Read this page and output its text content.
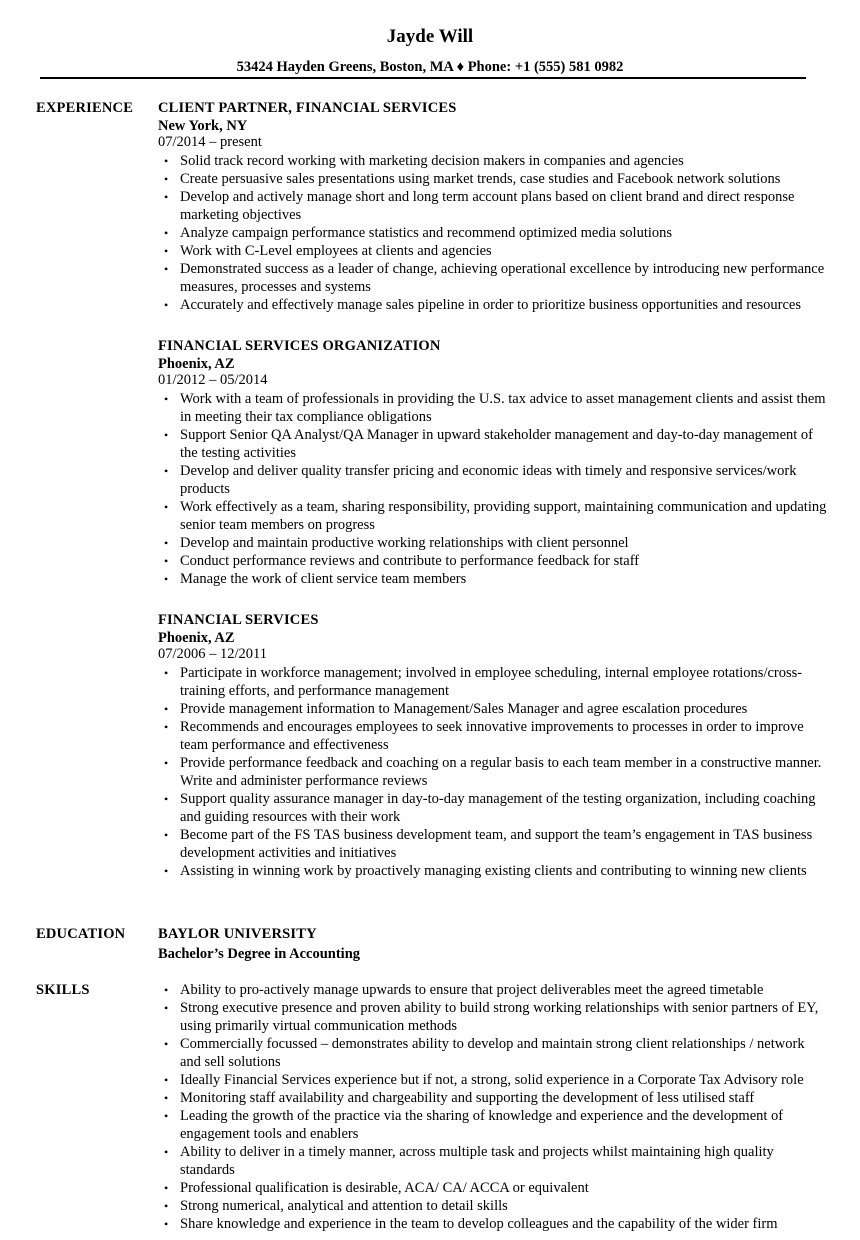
Jayde Will
53424 Hayden Greens, Boston, MA ♦ Phone: +1 (555) 581 0982
EXPERIENCE CLIENT PARTNER, FINANCIAL SERVICES
New York, NY
07/2014 – present
• Solid track record working with marketing decision makers in companies and agencies
• Create persuasive sales presentations using market trends, case studies and Facebook network solutions
• Develop and actively manage short and long term account plans based on client brand and direct response marketing objectives
• Analyze campaign performance statistics and recommend optimized media solutions
• Work with C-Level employees at clients and agencies
• Demonstrated success as a leader of change, achieving operational excellence by introducing new performance measures, processes and systems
• Accurately and effectively manage sales pipeline in order to prioritize business opportunities and resources
FINANCIAL SERVICES ORGANIZATION
Phoenix, AZ
01/2012 – 05/2014
• Work with a team of professionals in providing the U.S. tax advice to asset management clients and assist them in meeting their tax compliance obligations
• Support Senior QA Analyst/QA Manager in upward stakeholder management and day-to-day management of the testing activities
• Develop and deliver quality transfer pricing and economic ideas with timely and responsive services/work products
• Work effectively as a team, sharing responsibility, providing support, maintaining communication and updating senior team members on progress
• Develop and maintain productive working relationships with client personnel
• Conduct performance reviews and contribute to performance feedback for staff
• Manage the work of client service team members
FINANCIAL SERVICES
Phoenix, AZ
07/2006 – 12/2011
• Participate in workforce management; involved in employee scheduling, internal employee rotations/cross-training efforts, and performance management
• Provide management information to Management/Sales Manager and agree escalation procedures
• Recommends and encourages employees to seek innovative improvements to processes in order to improve team performance and effectiveness
• Provide performance feedback and coaching on a regular basis to each team member in a constructive manner. Write and administer performance reviews
• Support quality assurance manager in day-to-day management of the testing organization, including coaching and guiding resources with their work
• Become part of the FS TAS business development team, and support the team’s engagement in TAS business development activities and initiatives
• Assisting in winning work by proactively managing existing clients and contributing to winning new clients
EDUCATION BAYLOR UNIVERSITY
Bachelor’s Degree in Accounting
SKILLS	• Ability to pro-actively manage upwards to ensure that project deliverables meet the agreed timetable
• Strong executive presence and proven ability to build strong working relationships with senior partners of EY, using primarily virtual communication methods
• Commercially focussed – demonstrates ability to develop and maintain strong client relationships / network and sell solutions
• Ideally Financial Services experience but if not, a strong, solid experience in a Corporate Tax Advisory role
• Monitoring staff availability and chargeability and supporting the development of less utilised staff
• Leading the growth of the practice via the sharing of knowledge and experience and the development of engagement tools and enablers
• Ability to deliver in a timely manner, across multiple task and projects whilst maintaining high quality standards
• Professional qualification is desirable, ACA/ CA/ ACCA or equivalent
• Strong numerical, analytical and attention to detail skills
• Share knowledge and experience in the team to develop colleagues and the capability of the wider firm
